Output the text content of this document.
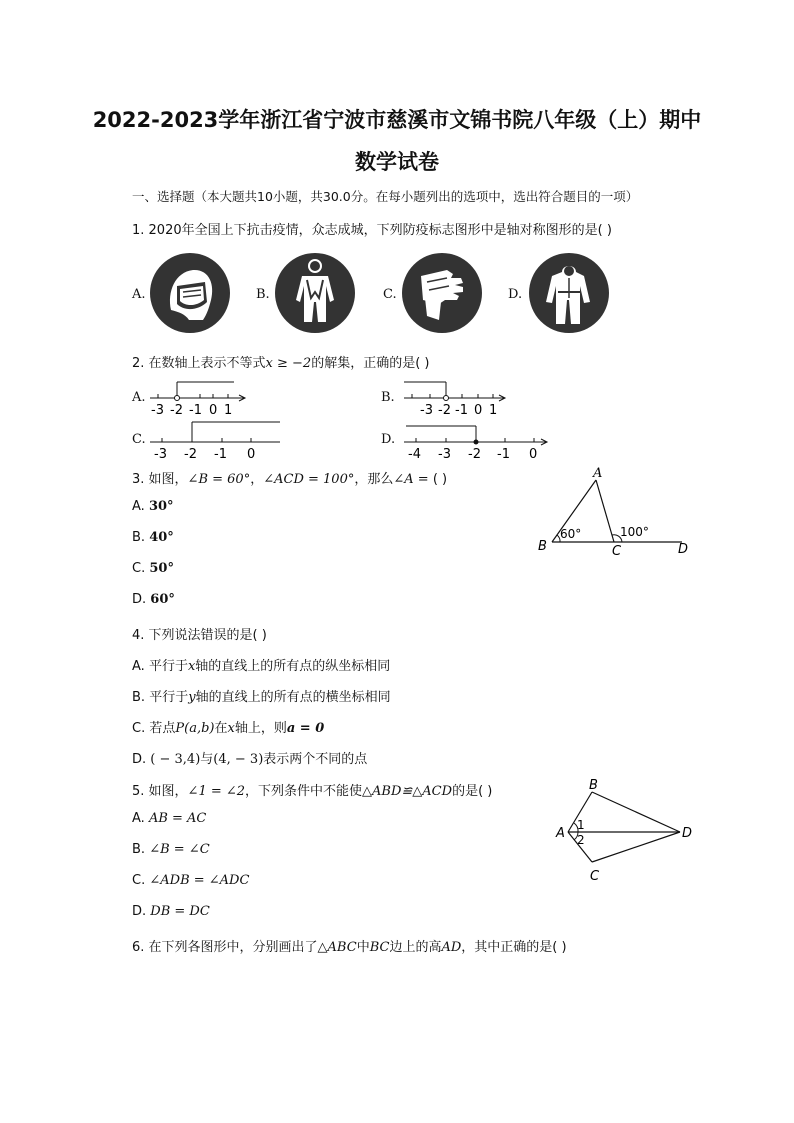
2022-2023学年浙江省宁波市慈溪市文锦书院八年级（上）期中
数学试卷
一、选择题（本大题共10小题，共30.0分。在每小题列出的选项中，选出符合题目的一项）
1. 2020年全国上下抗击疫情，众志成城，下列防疫标志图形中是轴对称图形的是( )
A.	B.	C.	D.
2. 在数轴上表示不等式x ≥ −2的解集，正确的是( )
A.
-3 -2 -1 0 1
B.
-3 -2 -1 0 1
C.
-3 -2 -1 0
D.
-4 -3 -2 -1 0
3. 如图，∠B = 60°，∠ACD = 100°，那么∠A = ( )
A. 30°
B. 40°
C. 50°
D. 60°
A
B	C	D
60°	100°
4. 下列说法错误的是( )
A. 平行于x轴的直线上的所有点的纵坐标相同
B. 平行于y轴的直线上的所有点的横坐标相同
C. 若点P(a,b)在x轴上，则a = 0
D. ( − 3,4)与(4, − 3)表示两个不同的点
5. 如图，∠1 = ∠2，下列条件中不能使△ABD≌△ACD的是( )
A. AB = AC
B. ∠B = ∠C
C. ∠ADB = ∠ADC
D. DB = DC
B
A	D
C
1
2
6. 在下列各图形中，分别画出了△ABC中BC边上的高AD，其中正确的是( )
